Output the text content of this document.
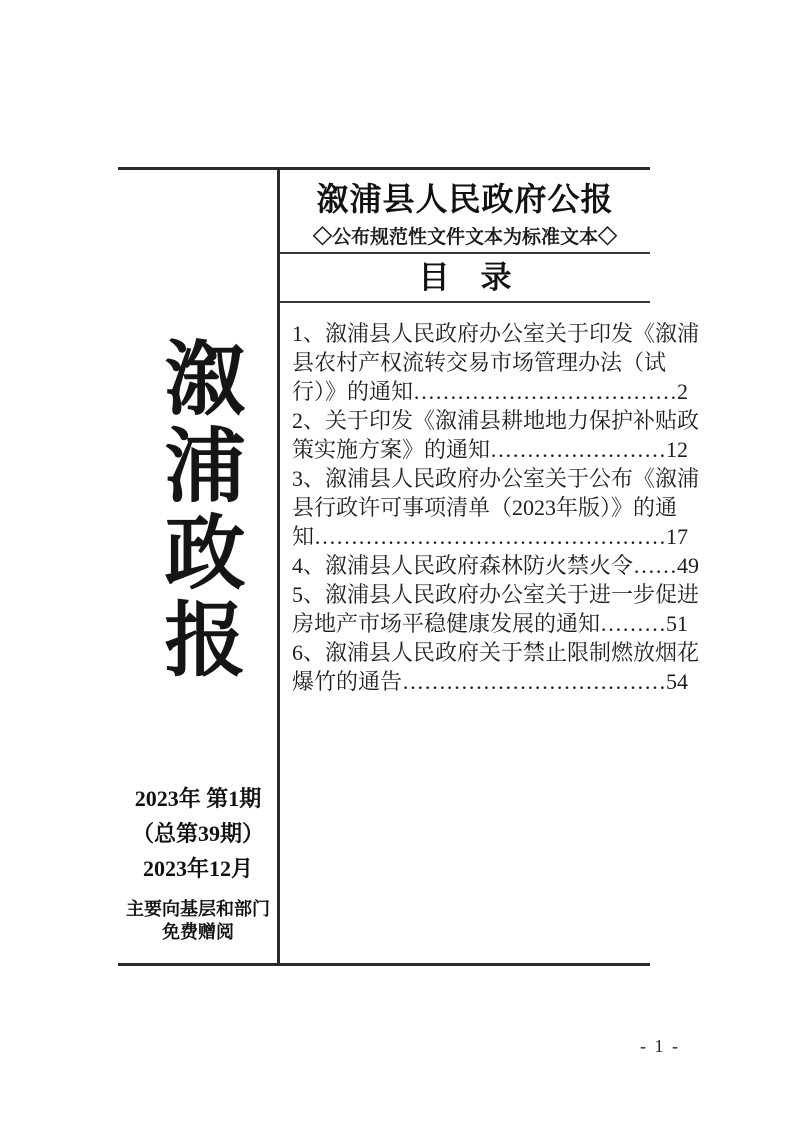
溆浦政报
2023年 第1期
（总第39期）
2023年12月
主要向基层和部门
免费赠阅
溆浦县人民政府公报
◇公布规范性文件文本为标准文本◇
目　录
1、溆浦县人民政府办公室关于印发《溆浦县农村产权流转交易市场管理办法（试行）》的通知………………………………2
2、关于印发《溆浦县耕地地力保护补贴政策实施方案》的通知……………………12
3、溆浦县人民政府办公室关于公布《溆浦县行政许可事项清单（2023年版）》的通知…………………………………………17
4、溆浦县人民政府森林防火禁火令……49
5、溆浦县人民政府办公室关于进一步促进房地产市场平稳健康发展的通知………51
6、溆浦县人民政府关于禁止限制燃放烟花爆竹的通告………………………………54
- 1 -
